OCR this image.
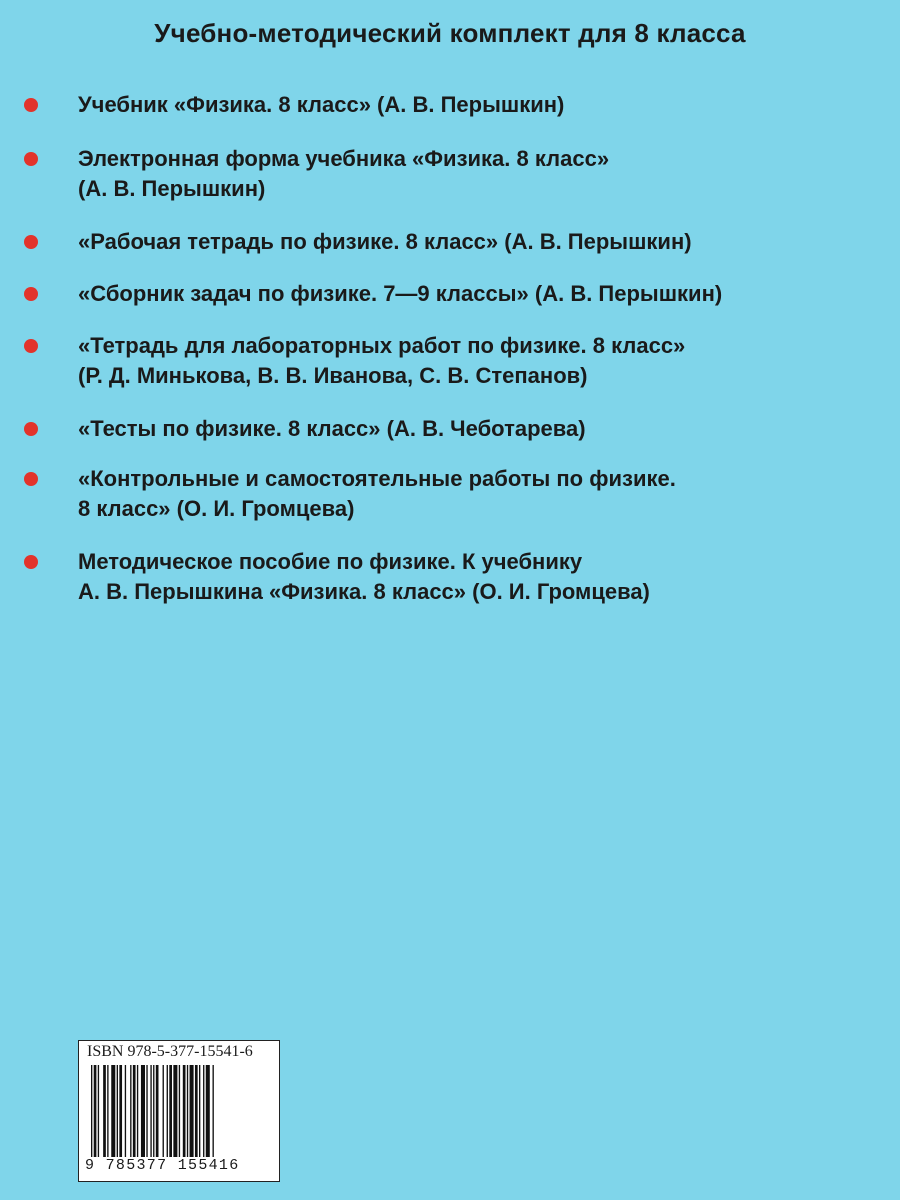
Учебно-методический комплект для 8 класса
Учебник «Физика. 8 класс» (А. В. Перышкин)
Электронная форма учебника «Физика. 8 класс»
(А. В. Перышкин)
«Рабочая тетрадь по физике. 8 класс» (А. В. Перышкин)
«Сборник задач по физике. 7—9 классы» (А. В. Перышкин)
«Тетрадь для лабораторных работ по физике. 8 класс»
(Р. Д. Минькова, В. В. Иванова, С. В. Степанов)
«Тесты по физике. 8 класс» (А. В. Чеботарева)
«Контрольные и самостоятельные работы по физике.
8 класс» (О. И. Громцева)
Методическое пособие по физике. К учебнику
А. В. Перышкина «Физика. 8 класс» (О. И. Громцева)
ISBN 978-5-377-15541-6
9 785377 155416
